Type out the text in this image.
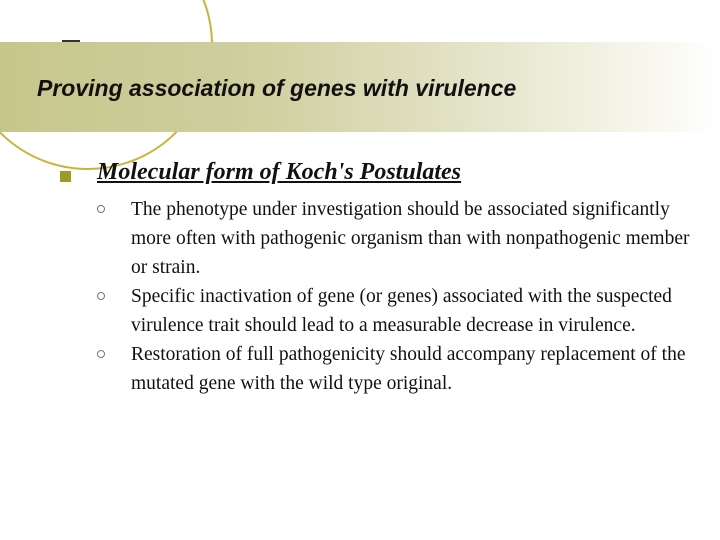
Proving association of genes with virulence
Molecular form of Koch's Postulates
The phenotype under investigation should be associated significantly more often with pathogenic organism than with nonpathogenic member or strain.
Specific inactivation of gene (or genes) associated with the suspected virulence trait should lead to a measurable decrease in virulence.
Restoration of full pathogenicity should accompany replacement of the mutated gene with the wild type original.
